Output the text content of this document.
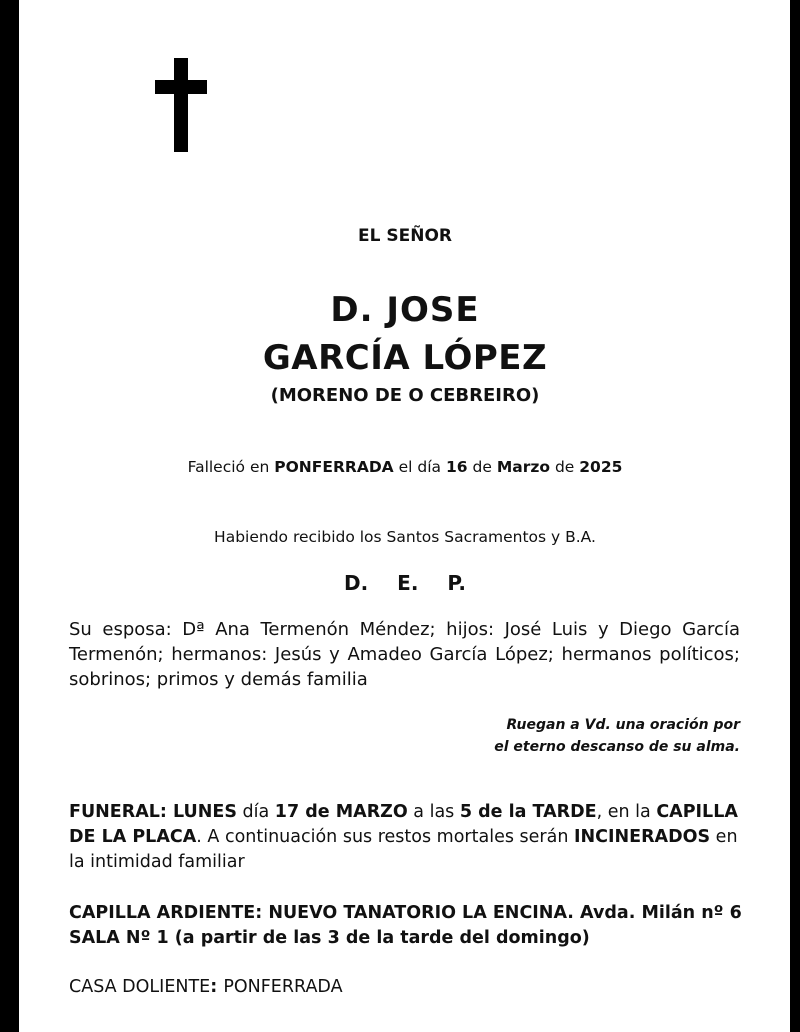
EL SEÑOR
D. JOSE
GARCÍA LÓPEZ
(MORENO DE O CEBREIRO)
Falleció en PONFERRADA el día 16 de Marzo de 2025
Habiendo recibido los Santos Sacramentos y B.A.
D. E. P.
Su esposa: Dª Ana Termenón Méndez; hijos: José Luis y Diego García Termenón; hermanos: Jesús y Amadeo García López; hermanos políticos; sobrinos; primos y demás familia
Ruegan a Vd. una oración por
el eterno descanso de su alma.
FUNERAL: LUNES día 17 de MARZO a las 5 de la TARDE, en la CAPILLA DE LA PLACA. A continuación sus restos mortales serán INCINERADOS en la intimidad familiar
CAPILLA ARDIENTE: NUEVO TANATORIO LA ENCINA. Avda. Milán nº 6 SALA Nº 1 (a partir de las 3 de la tarde del domingo)
CASA DOLIENTE: PONFERRADA
